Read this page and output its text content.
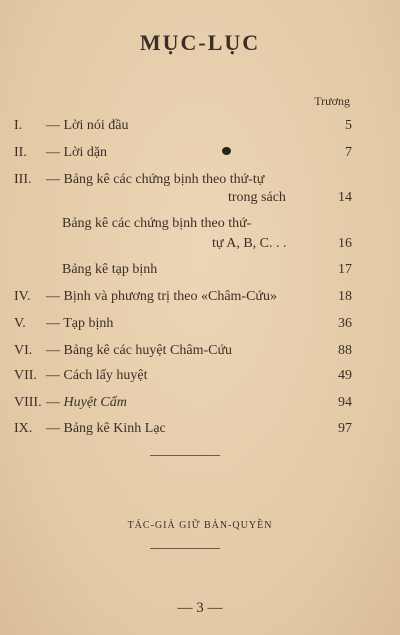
MỤC-LỤC
Trương
I. — Lời nói đầu	5
II. — Lời dặn	7
III. — Bảng kê các chứng bịnh theo thứ-tự
trong sách	14
Bảng kê các chứng bịnh theo thứ-
tự A, B, C. . .	16
Bảng kê tạp bịnh	17
IV. — Bịnh và phương trị theo «Châm-Cứu»	18
V. — Tạp bịnh	36
VI. — Bảng kê các huyệt Châm-Cứu	88
VII. — Cách lấy huyệt	49
VIII. — Huyệt Cấm	94
IX. — Bảng kê Kinh Lạc	97
TÁC-GIẢ GIỮ BẢN-QUYỀN
— 3 —
